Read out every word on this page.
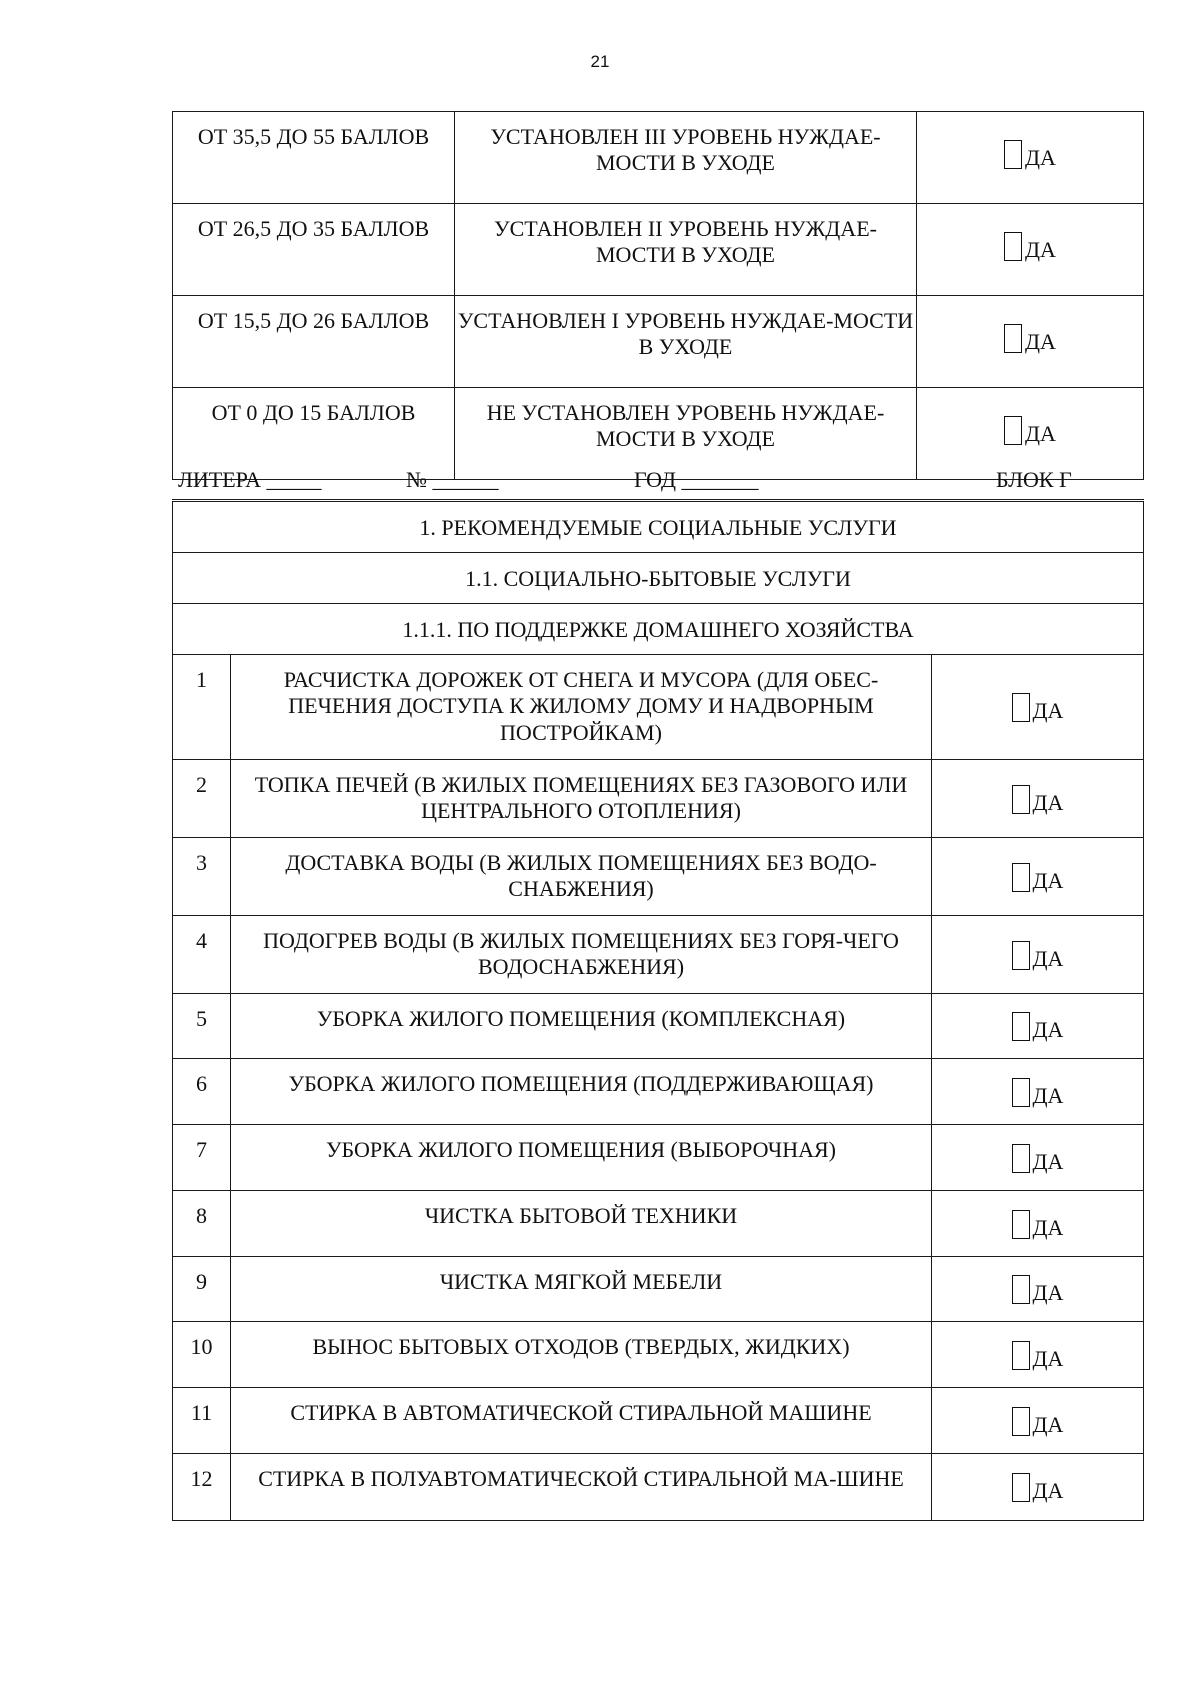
21
ОТ 35,5 ДО 55 БАЛЛОВ	УСТАНОВЛЕН III УРОВЕНЬ НУЖДАЕ-МОСТИ В УХОДЕ	ДА

ОТ 26,5 ДО 35 БАЛЛОВ	УСТАНОВЛЕН II УРОВЕНЬ НУЖДАЕ-МОСТИ В УХОДЕ	ДА

ОТ 15,5 ДО 26 БАЛЛОВ	УСТАНОВЛЕН I УРОВЕНЬ НУЖДАЕ-МОСТИ В УХОДЕ	ДА

ОТ 0 ДО 15 БАЛЛОВ	НЕ УСТАНОВЛЕН УРОВЕНЬ НУЖДАЕ-МОСТИ В УХОДЕ	ДА
ЛИТЕРА _____	№ ______	ГОД _______	БЛОК Г
1. РЕКОМЕНДУЕМЫЕ СОЦИАЛЬНЫЕ УСЛУГИ		
1.1. СОЦИАЛЬНО-БЫТОВЫЕ УСЛУГИ		
1.1.1. ПО ПОДДЕРЖКЕ ДОМАШНЕГО ХОЗЯЙСТВА		
1	РАСЧИСТКА ДОРОЖЕК ОТ СНЕГА И МУСОРА (ДЛЯ ОБЕС-ПЕЧЕНИЯ ДОСТУПА К ЖИЛОМУ ДОМУ И НАДВОРНЫМ ПОСТРОЙКАМ)	ДА

2	ТОПКА ПЕЧЕЙ (В ЖИЛЫХ ПОМЕЩЕНИЯХ БЕЗ ГАЗОВОГО ИЛИ ЦЕНТРАЛЬНОГО ОТОПЛЕНИЯ)	ДА

3	ДОСТАВКА ВОДЫ (В ЖИЛЫХ ПОМЕЩЕНИЯХ БЕЗ ВОДО-СНАБЖЕНИЯ)	ДА

4	ПОДОГРЕВ ВОДЫ (В ЖИЛЫХ ПОМЕЩЕНИЯХ БЕЗ ГОРЯ-ЧЕГО ВОДОСНАБЖЕНИЯ)	ДА

5	УБОРКА ЖИЛОГО ПОМЕЩЕНИЯ (КОМПЛЕКСНАЯ)	ДА

6	УБОРКА ЖИЛОГО ПОМЕЩЕНИЯ (ПОДДЕРЖИВАЮЩАЯ)	ДА

7	УБОРКА ЖИЛОГО ПОМЕЩЕНИЯ (ВЫБОРОЧНАЯ)	ДА

8	ЧИСТКА БЫТОВОЙ ТЕХНИКИ	ДА

9	ЧИСТКА МЯГКОЙ МЕБЕЛИ	ДА

10	ВЫНОС БЫТОВЫХ ОТХОДОВ (ТВЕРДЫХ, ЖИДКИХ)	ДА

11	СТИРКА В АВТОМАТИЧЕСКОЙ СТИРАЛЬНОЙ МАШИНЕ	ДА

12	СТИРКА В ПОЛУАВТОМАТИЧЕСКОЙ СТИРАЛЬНОЙ МА-ШИНЕ	ДА
